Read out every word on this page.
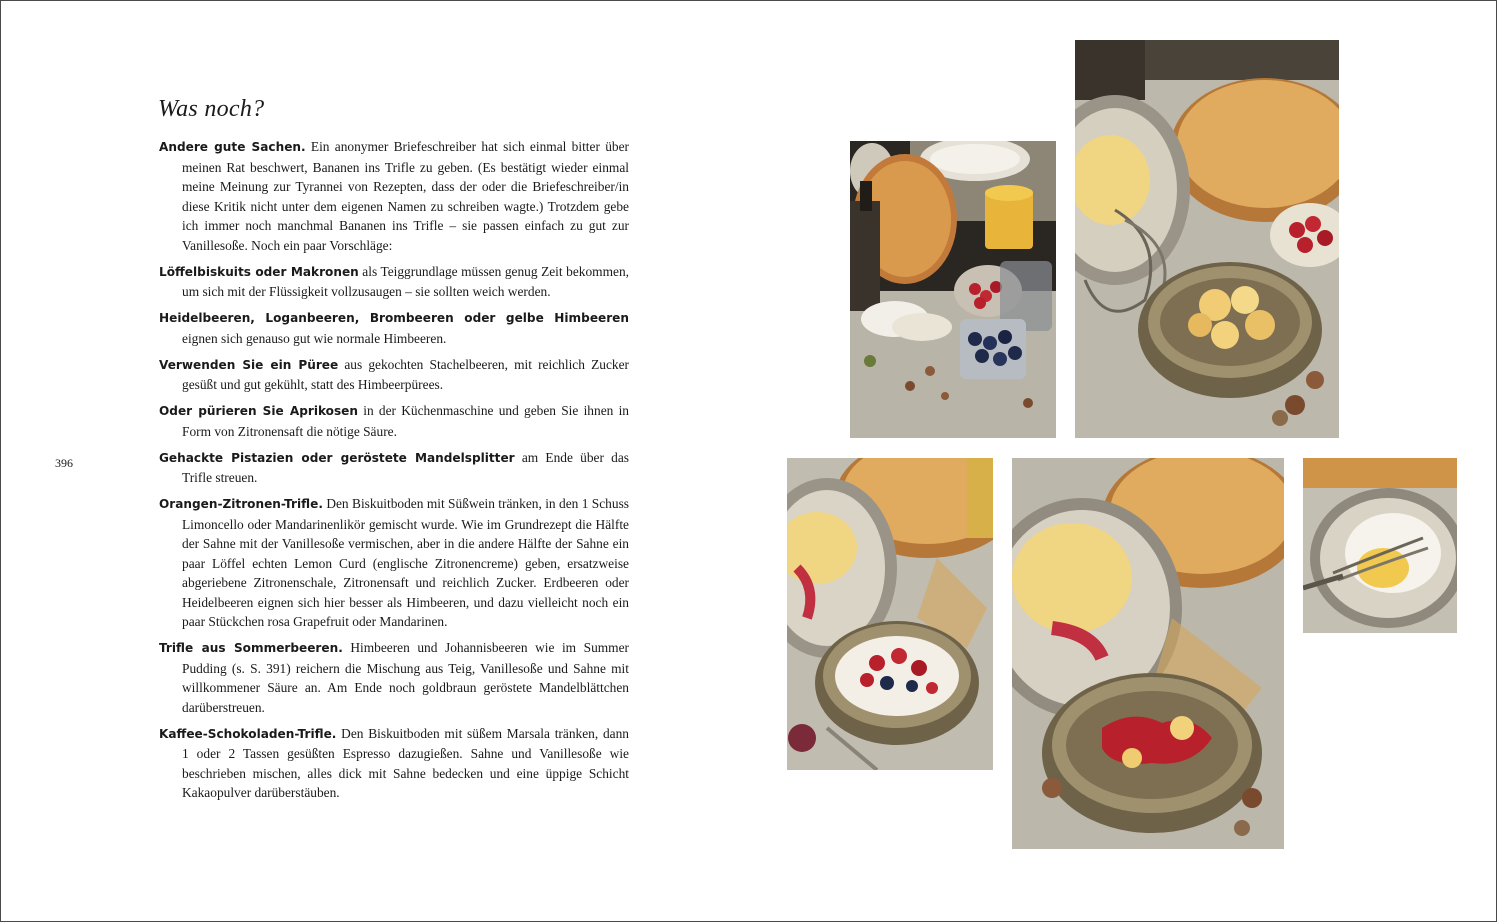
Was noch?
396

Andere gute Sachen. Ein anonymer Briefeschreiber hat sich einmal bitter über meinen Rat beschwert, Bananen ins Trifle zu geben. (Es bestätigt wieder einmal meine Meinung zur Tyrannei von Rezepten, dass der oder die Briefeschreiber/in diese Kritik nicht unter dem eigenen Namen zu schreiben wagte.) Trotzdem gebe ich immer noch manchmal Bananen ins Trifle – sie passen einfach zu gut zur Vanillesoße. Noch ein paar Vorschläge:

Löffelbiskuits oder Makronen als Teiggrundlage müssen genug Zeit bekommen, um sich mit der Flüssigkeit vollzusaugen – sie sollten weich werden.

Heidelbeeren, Loganbeeren, Brombeeren oder gelbe Himbeeren eignen sich genauso gut wie normale Himbeeren.

Verwenden Sie ein Püree aus gekochten Stachelbeeren, mit reichlich Zucker gesüßt und gut gekühlt, statt des Himbeerpürees.

Oder pürieren Sie Aprikosen in der Küchenmaschine und geben Sie ihnen in Form von Zitronensaft die nötige Säure.

Gehackte Pistazien oder geröstete Mandelsplitter am Ende über das Trifle streuen.

Orangen-Zitronen-Trifle. Den Biskuitboden mit Süßwein tränken, in den 1 Schuss Limoncello oder Mandarinenlikör gemischt wurde. Wie im Grundrezept die Hälfte der Sahne mit der Vanillesoße vermischen, aber in die andere Hälfte der Sahne ein paar Löffel echten Lemon Curd (englische Zitronencreme) geben, ersatzweise abgeriebene Zitronenschale, Zitronensaft und reichlich Zucker. Erdbeeren oder Heidelbeeren eignen sich hier besser als Himbeeren, und dazu vielleicht noch ein paar Stückchen rosa Grapefruit oder Mandarinen.

Trifle aus Sommerbeeren. Himbeeren und Johannisbeeren wie im Summer Pudding (s. S. 391) reichern die Mischung aus Teig, Vanillesoße und Sahne mit willkommener Säure an. Am Ende noch goldbraun geröstete Mandelblättchen darüberstreuen.

Kaffee-Schokoladen-Trifle. Den Biskuitboden mit süßem Marsala tränken, dann 1 oder 2 Tassen gesüßten Espresso dazugießen. Sahne und Vanillesoße wie beschrieben mischen, alles dick mit Sahne bedecken und eine üppige Schicht Kakaopulver darüberstäuben.
